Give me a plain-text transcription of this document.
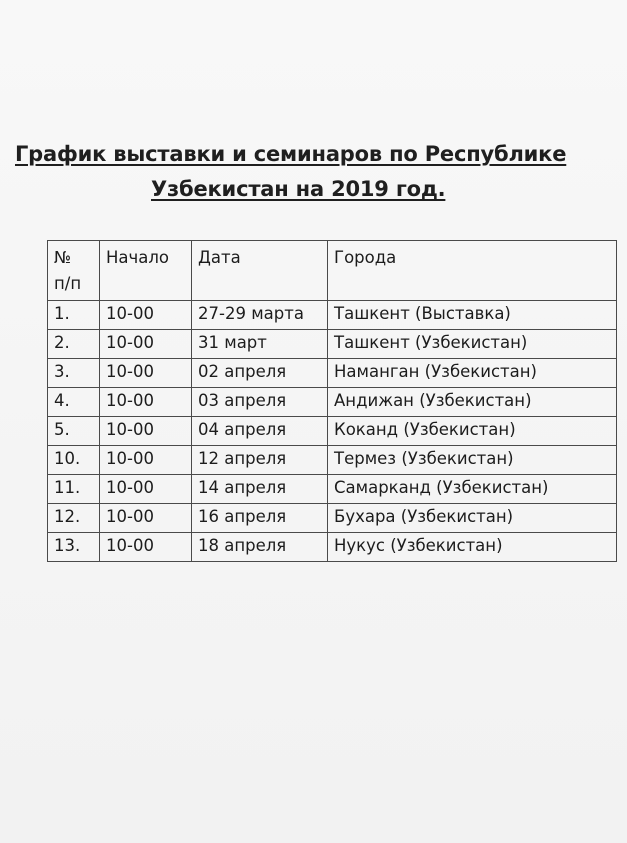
График выставки и семинаров по Республике
Узбекистан на 2019 год.
№
п/п	Начало	Дата	Города
1.	10-00	27-29 марта	Ташкент (Выставка)
2.	10-00	31 март	Ташкент (Узбекистан)
3.	10-00	02 апреля	Наманган (Узбекистан)
4.	10-00	03 апреля	Андижан (Узбекистан)
5.	10-00	04 апреля	Коканд (Узбекистан)
10.	10-00	12 апреля	Термез (Узбекистан)
11.	10-00	14 апреля	Самарканд (Узбекистан)
12.	10-00	16 апреля	Бухара (Узбекистан)
13.	10-00	18 апреля	Нукус (Узбекистан)
